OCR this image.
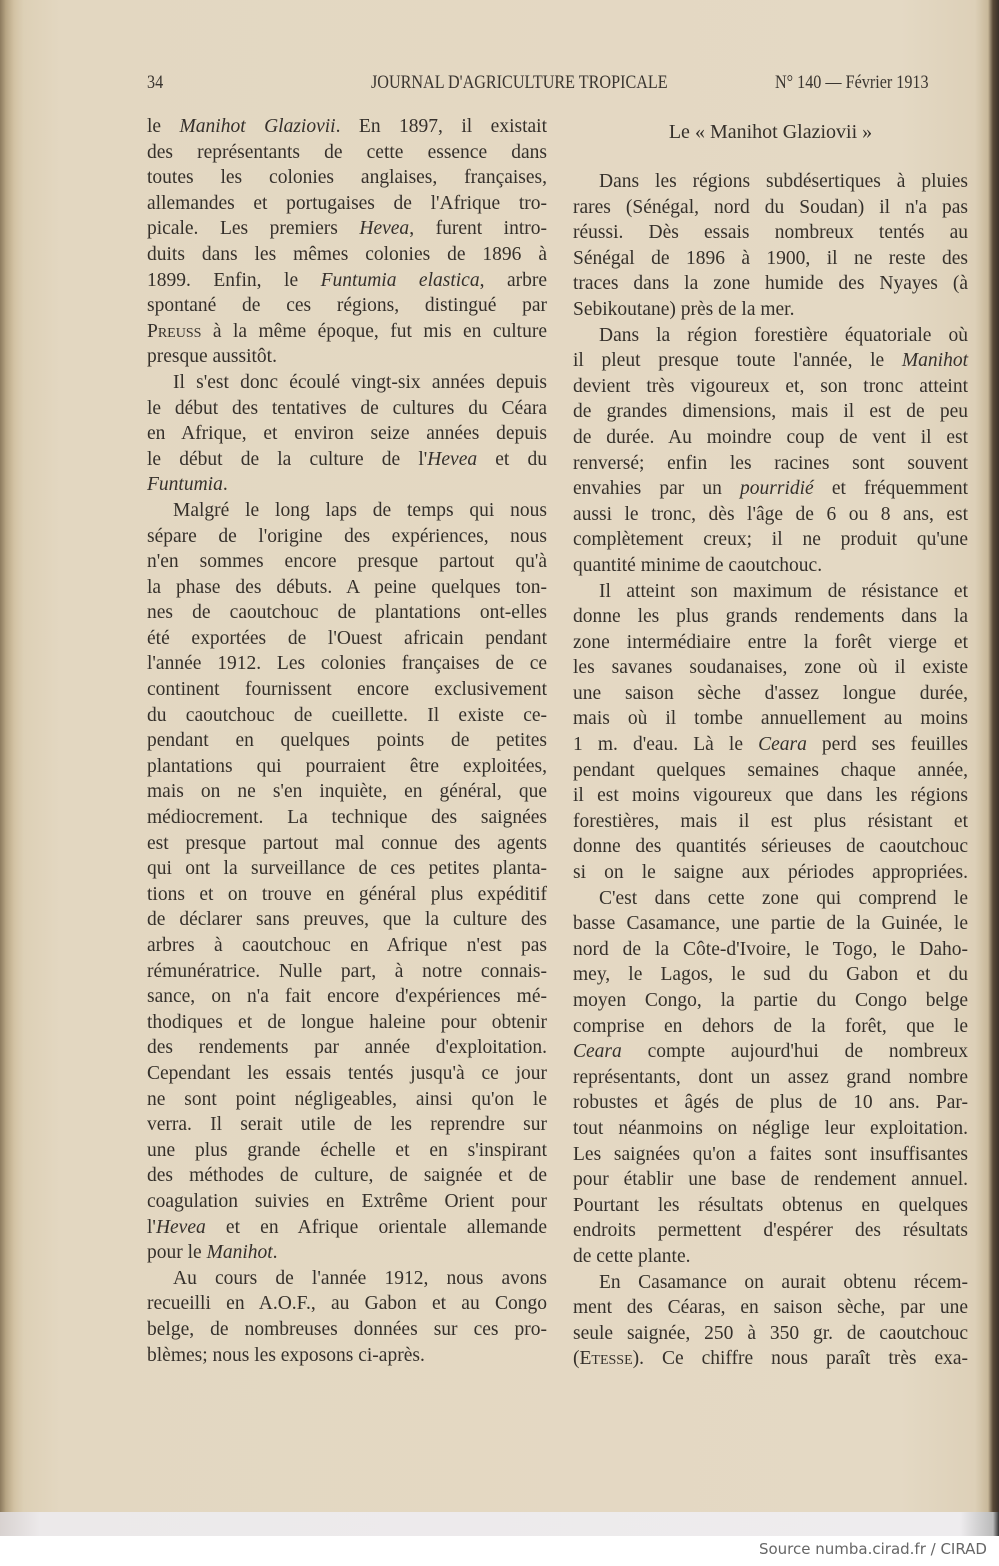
34	JOURNAL D'AGRICULTURE TROPICALE	N° 140 — Février 1913
Le « Manihot Glaziovii »
le Manihot Glaziovii. En 1897, il existait
des représentants de cette essence dans
toutes les colonies anglaises, françaises,
allemandes et portugaises de l'Afrique tro-
picale. Les premiers Hevea, furent intro-
duits dans les mêmes colonies de 1896 à
1899. Enfin, le Funtumia elastica, arbre
spontané de ces régions, distingué par
Preuss à la même époque, fut mis en culture
presque aussitôt.
Il s'est donc écoulé vingt-six années depuis
le début des tentatives de cultures du Céara
en Afrique, et environ seize années depuis
le début de la culture de l'Hevea et du
Funtumia.
Malgré le long laps de temps qui nous
sépare de l'origine des expériences, nous
n'en sommes encore presque partout qu'à
la phase des débuts. A peine quelques ton-
nes de caoutchouc de plantations ont-elles
été exportées de l'Ouest africain pendant
l'année 1912. Les colonies françaises de ce
continent fournissent encore exclusivement
du caoutchouc de cueillette. Il existe ce-
pendant en quelques points de petites
plantations qui pourraient être exploitées,
mais on ne s'en inquiète, en général, que
médiocrement. La technique des saignées
est presque partout mal connue des agents
qui ont la surveillance de ces petites planta-
tions et on trouve en général plus expéditif
de déclarer sans preuves, que la culture des
arbres à caoutchouc en Afrique n'est pas
rémunératrice. Nulle part, à notre connais-
sance, on n'a fait encore d'expériences mé-
thodiques et de longue haleine pour obtenir
des rendements par année d'exploitation.
Cependant les essais tentés jusqu'à ce jour
ne sont point négligeables, ainsi qu'on le
verra. Il serait utile de les reprendre sur
une plus grande échelle et en s'inspirant
des méthodes de culture, de saignée et de
coagulation suivies en Extrême Orient pour
l'Hevea et en Afrique orientale allemande
pour le Manihot.
Au cours de l'année 1912, nous avons
recueilli en A.O.F., au Gabon et au Congo
belge, de nombreuses données sur ces pro-
blèmes; nous les exposons ci-après.
Dans les régions subdésertiques à pluies
rares (Sénégal, nord du Soudan) il n'a pas
réussi. Dès essais nombreux tentés au
Sénégal de 1896 à 1900, il ne reste des
traces dans la zone humide des Nyayes (à
Sebikoutane) près de la mer.
Dans la région forestière équatoriale où
il pleut presque toute l'année, le Manihot
devient très vigoureux et, son tronc atteint
de grandes dimensions, mais il est de peu
de durée. Au moindre coup de vent il est
renversé; enfin les racines sont souvent
envahies par un pourridié et fréquemment
aussi le tronc, dès l'âge de 6 ou 8 ans, est
complètement creux; il ne produit qu'une
quantité minime de caoutchouc.
Il atteint son maximum de résistance et
donne les plus grands rendements dans la
zone intermédiaire entre la forêt vierge et
les savanes soudanaises, zone où il existe
une saison sèche d'assez longue durée,
mais où il tombe annuellement au moins
1 m. d'eau. Là le Ceara perd ses feuilles
pendant quelques semaines chaque année,
il est moins vigoureux que dans les régions
forestières, mais il est plus résistant et
donne des quantités sérieuses de caoutchouc
si on le saigne aux périodes appropriées.
C'est dans cette zone qui comprend le
basse Casamance, une partie de la Guinée, le
nord de la Côte-d'Ivoire, le Togo, le Daho-
mey, le Lagos, le sud du Gabon et du
moyen Congo, la partie du Congo belge
comprise en dehors de la forêt, que le
Ceara compte aujourd'hui de nombreux
représentants, dont un assez grand nombre
robustes et âgés de plus de 10 ans. Par-
tout néanmoins on néglige leur exploitation.
Les saignées qu'on a faites sont insuffisantes
pour établir une base de rendement annuel.
Pourtant les résultats obtenus en quelques
endroits permettent d'espérer des résultats
de cette plante.
En Casamance on aurait obtenu récem-
ment des Céaras, en saison sèche, par une
seule saignée, 250 à 350 gr. de caoutchouc
(Etesse). Ce chiffre nous paraît très exa-
Source numba.cirad.fr / CIRAD
